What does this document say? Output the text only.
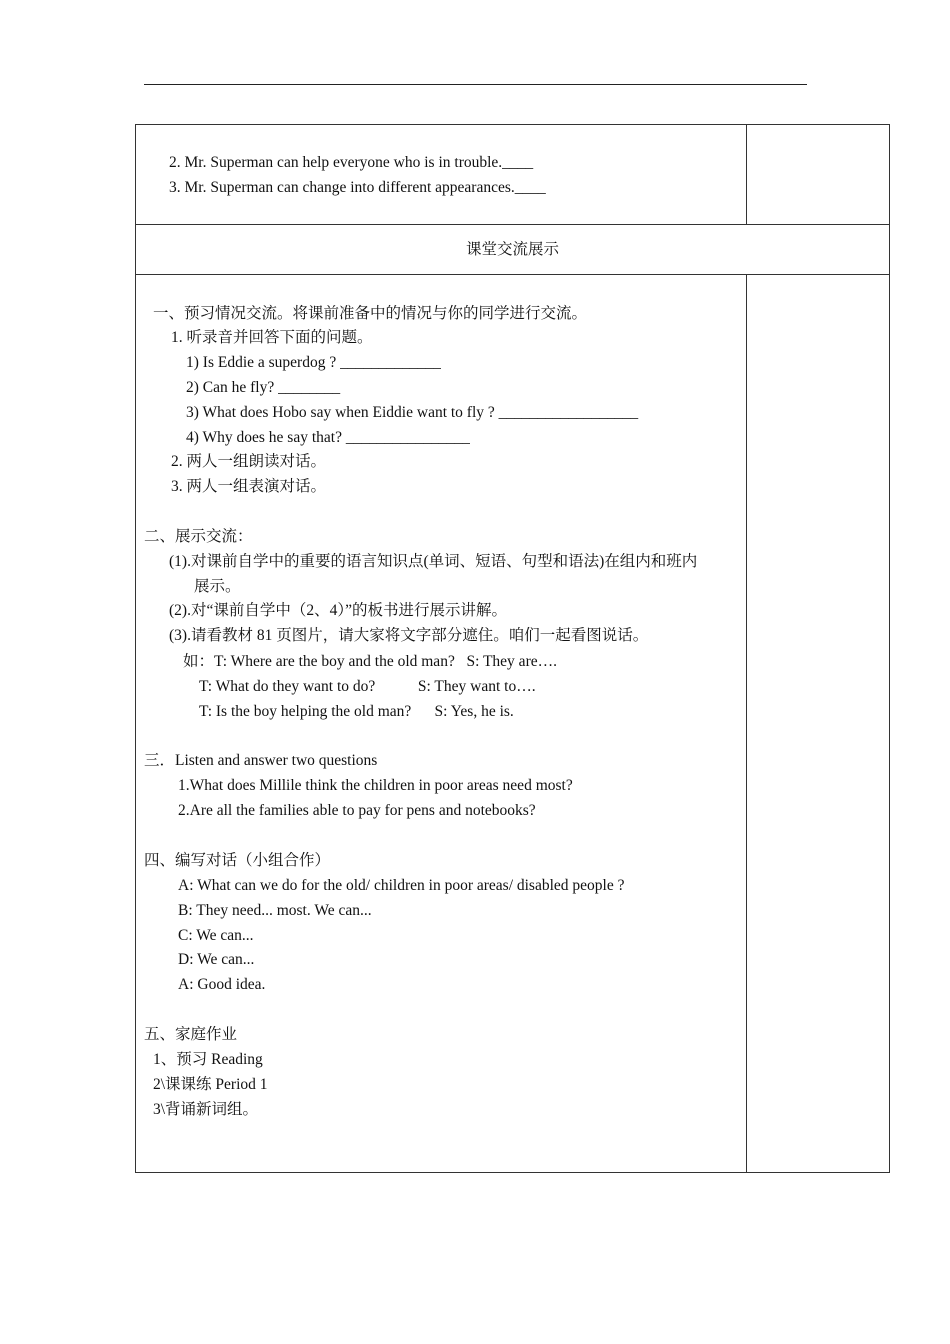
2. Mr. Superman can help everyone who is in trouble.____
3. Mr. Superman can change into different appearances.____
课堂交流展示
一、预习情况交流。将课前准备中的情况与你的同学进行交流。
1. 听录音并回答下面的问题。
1) Is Eddie a superdog ? _____________
2) Can he fly? ________
3) What does Hobo say when Eiddie want to fly ? __________________
4) Why does he say that? ________________
2. 两人一组朗读对话。
3. 两人一组表演对话。
二、展示交流：
(1).对课前自学中的重要的语言知识点(单词、短语、句型和语法)在组内和班内
展示。
(2).对“课前自学中（2、4）”的板书进行展示讲解。
(3).请看教材 81 页图片，请大家将文字部分遮住。咱们一起看图说话。
如：T: Where are the boy and the old man?   S: They are….
T: What do they want to do?           S: They want to….
T: Is the boy helping the old man?      S: Yes, he is.
三．Listen and answer two questions
1.What does Millile think the children in poor areas need most?
2.Are all the families able to pay for pens and notebooks?
四、编写对话（小组合作）
A: What can we do for the old/ children in poor areas/ disabled people ?
B: They need... most. We can...
C: We can...
D: We can...
A: Good idea.
五、家庭作业
1、预习 Reading
2\课课练 Period 1
3\背诵新词组。
